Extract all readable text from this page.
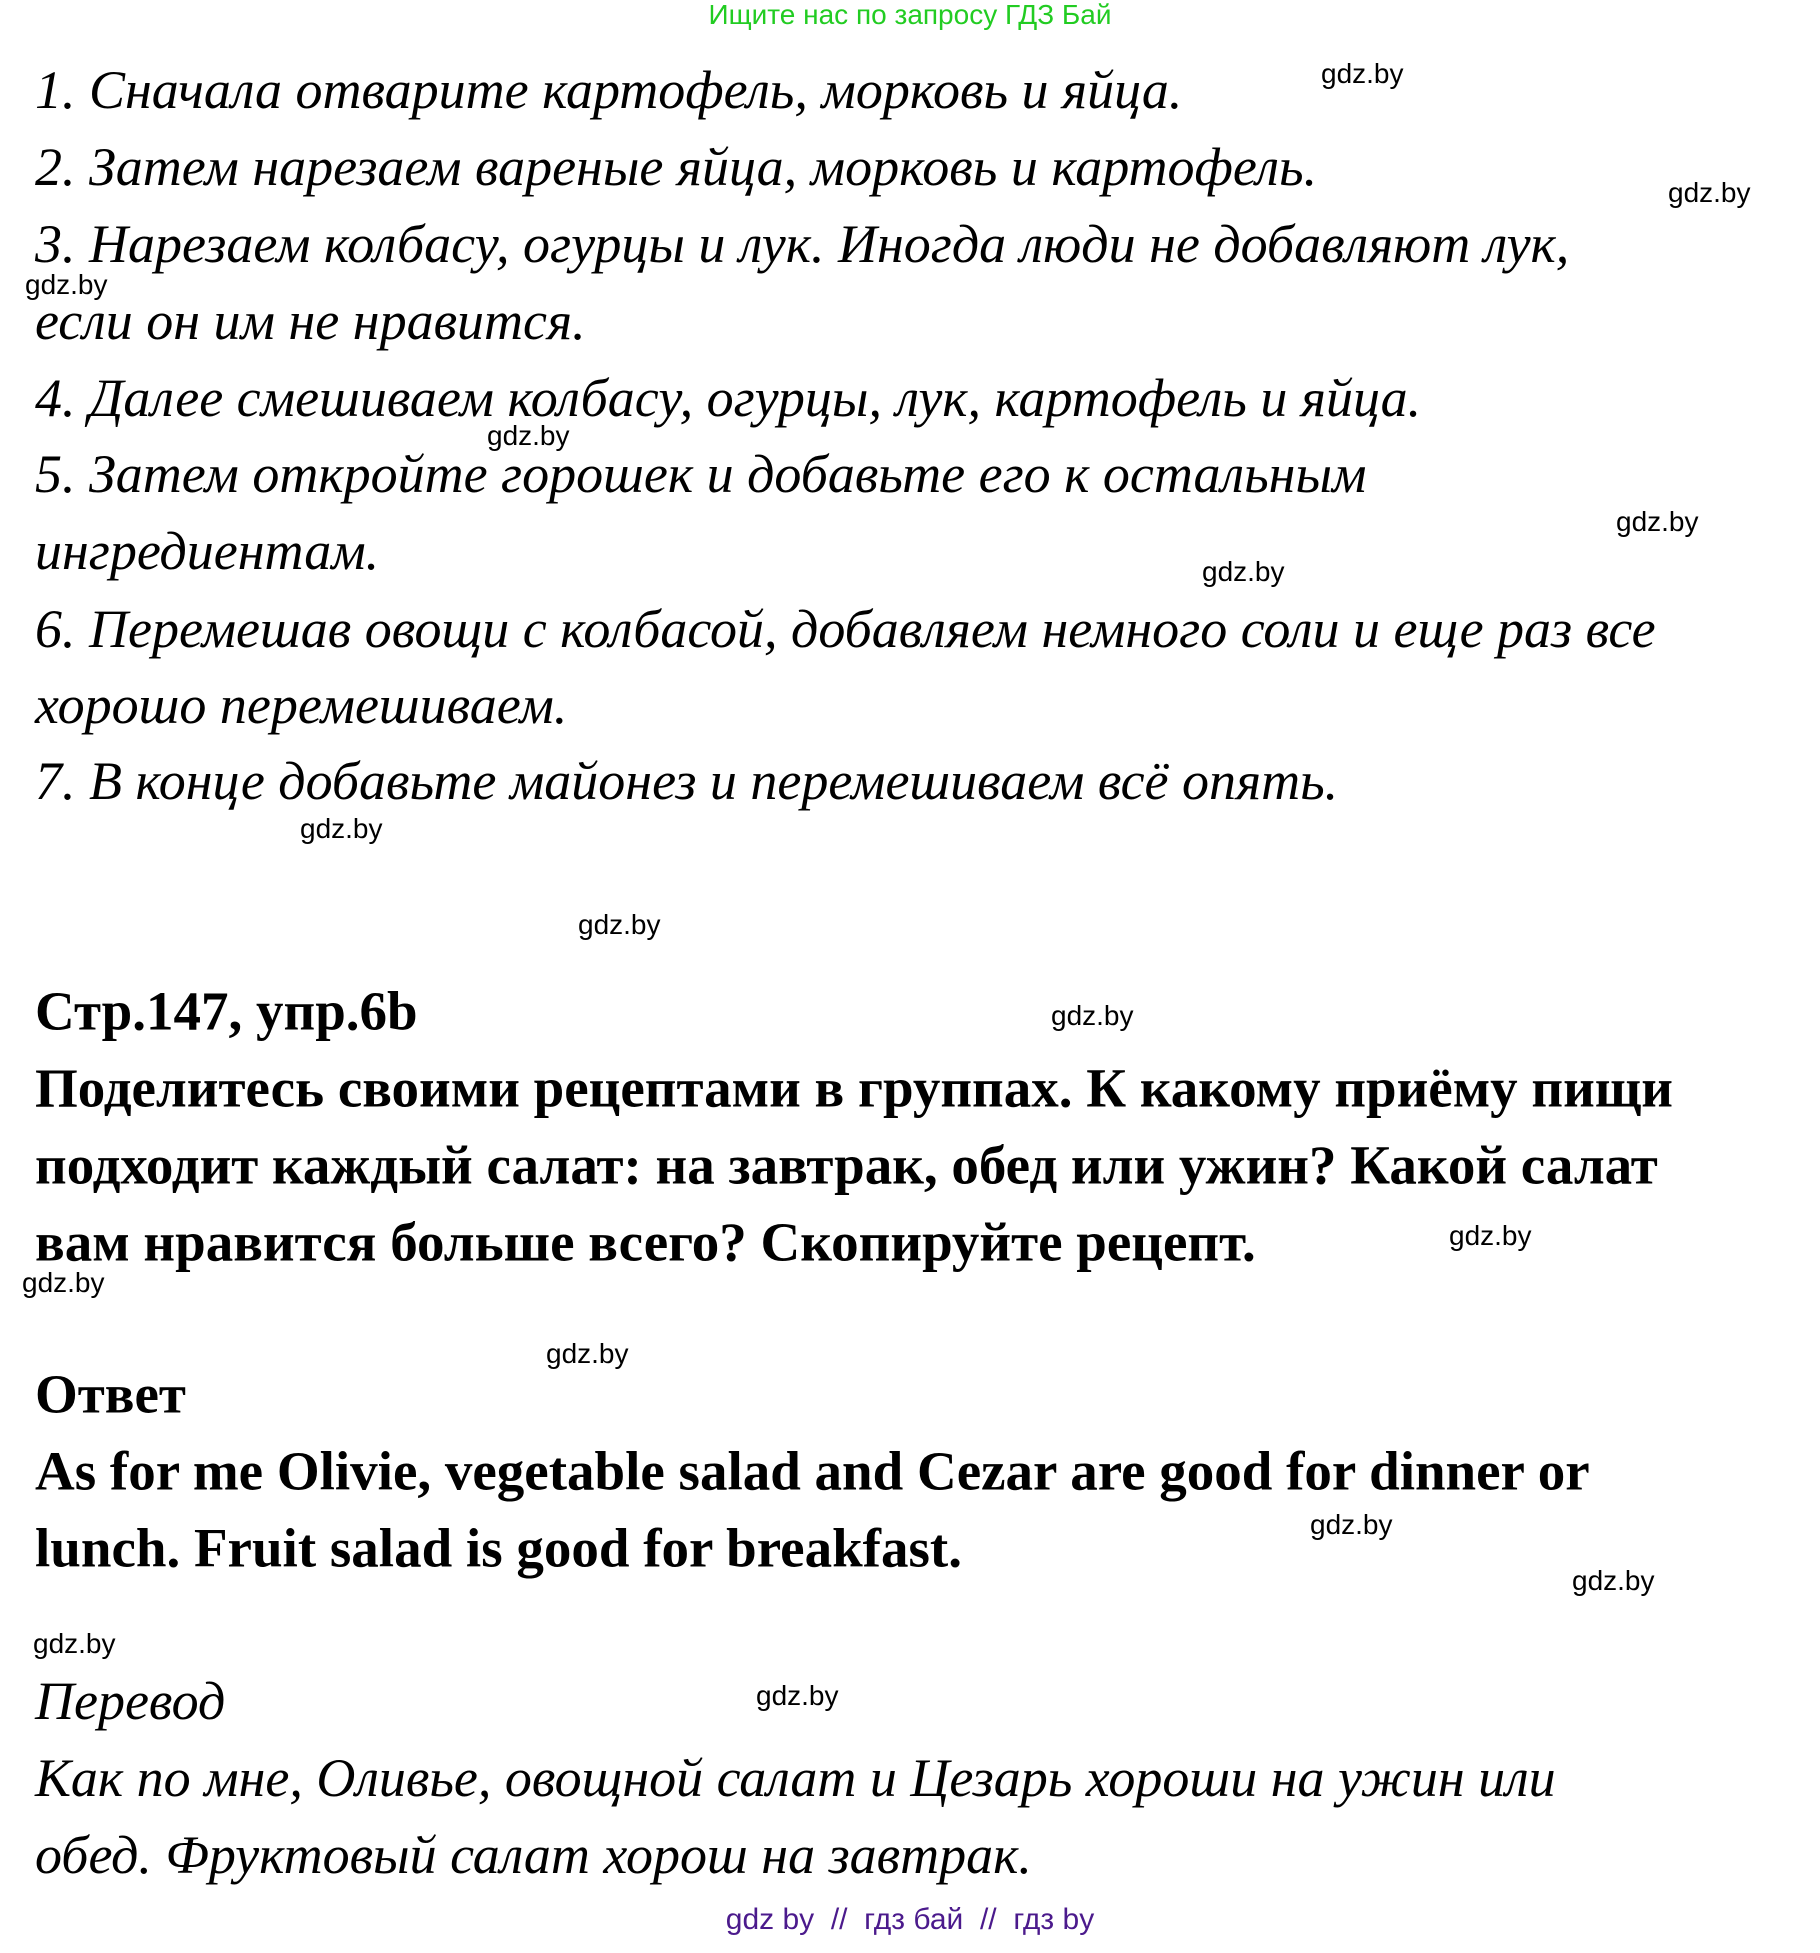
Ищите нас по запросу ГДЗ Бай
1. Сначала отварите картофель, морковь и яйца.
2. Затем нарезаем вареные яйца, морковь и картофель.
3. Нарезаем колбасу, огурцы и лук. Иногда люди не добавляют лук,
если он им не нравится.
4. Далее смешиваем колбасу, огурцы, лук, картофель и яйца.
5. Затем откройте горошек и добавьте его к остальным
ингредиентам.
6. Перемешав овощи с колбасой, добавляем немного соли и еще раз все
хорошо перемешиваем.
7. В конце добавьте майонез и перемешиваем всё опять.
Стр.147, упр.6b
Поделитесь своими рецептами в группах. К какому приёму пищи
подходит каждый салат: на завтрак, обед или ужин? Какой салат
вам нравится больше всего? Скопируйте рецепт.
Ответ
As for me Olivie, vegetable salad and Cezar are good for dinner or
lunch. Fruit salad is good for breakfast.
Перевод
Как по мне, Оливье, овощной салат и Цезарь хороши на ужин или
обед. Фруктовый салат хорош на завтрак.
gdz.by
gdz.by
gdz.by
gdz.by
gdz.by
gdz.by
gdz.by
gdz.by
gdz.by
gdz.by
gdz.by
gdz.by
gdz.by
gdz.by
gdz.by
gdz.by
gdz by  //  гдз бай  //  гдз by
